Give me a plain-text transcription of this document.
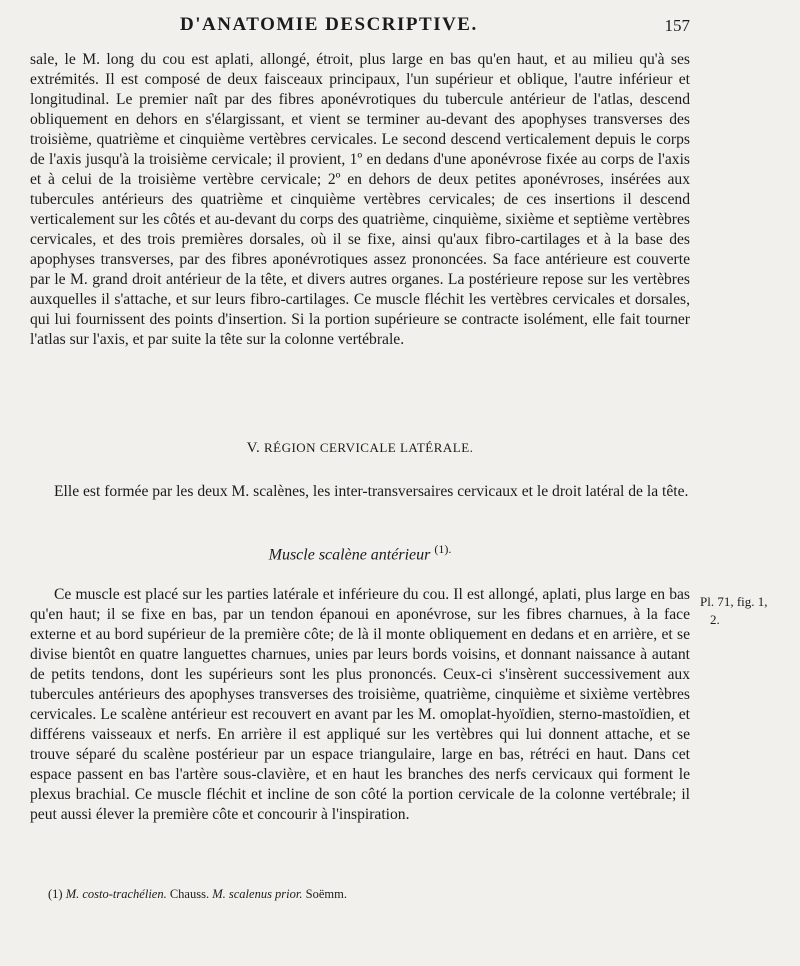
D'ANATOMIE DESCRIPTIVE.	157

sale, le M. long du cou est aplati, allongé, étroit, plus large en bas qu'en haut, et au milieu qu'à ses extrémités. Il est composé de deux faisceaux principaux, l'un supérieur et oblique, l'autre inférieur et longitudinal. Le premier naît par des fibres aponévrotiques du tubercule antérieur de l'atlas, descend obliquement en dehors en s'élargissant, et vient se terminer au-devant des apophyses transverses des troisième, quatrième et cinquième vertèbres cervicales. Le second descend verticalement depuis le corps de l'axis jusqu'à la troisième cervicale; il provient, 1º en dedans d'une aponévrose fixée au corps de l'axis et à celui de la troisième vertèbre cervicale; 2º en dehors de deux petites aponévroses, insérées aux tubercules antérieurs des quatrième et cinquième vertèbres cervicales; de ces insertions il descend verticalement sur les côtés et au-devant du corps des quatrième, cinquième, sixième et septième vertèbres cervicales, et des trois premières dorsales, où il se fixe, ainsi qu'aux fibro-cartilages et à la base des apophyses transverses, par des fibres aponévrotiques assez prononcées. Sa face antérieure est couverte par le M. grand droit antérieur de la tête, et divers autres organes. La postérieure repose sur les vertèbres auxquelles il s'attache, et sur leurs fibro-cartilages. Ce muscle fléchit les vertèbres cervicales et dorsales, qui lui fournissent des points d'insertion. Si la portion supérieure se contracte isolément, elle fait tourner l'atlas sur l'axis, et par suite la tête sur la colonne vertébrale.

V. RÉGION CERVICALE LATÉRALE.

Elle est formée par les deux M. scalènes, les inter-transversaires cervicaux et le droit latéral de la tête.

Muscle scalène antérieur $^{(1).}$

Ce muscle est placé sur les parties latérale et inférieure du cou. Il est allongé, aplati, plus large en bas qu'en haut; il se fixe en bas, par un tendon épanoui en aponévrose, sur les fibres charnues, à la face externe et au bord supérieur de la première côte; de là il monte obliquement en dedans et en arrière, et se divise bientôt en quatre languettes charnues, unies par leurs bords voisins, et donnant naissance à autant de petits tendons, dont les supérieurs sont les plus prononcés. Ceux-ci s'insèrent successivement aux tubercules antérieurs des apophyses transverses des troisième, quatrième, cinquième et sixième vertèbres cervicales. Le scalène antérieur est recouvert en avant par les M. omoplat-hyoïdien, sterno-mastoïdien, et différens vaisseaux et nerfs. En arrière il est appliqué sur les vertèbres qui lui donnent attache, et se trouve séparé du scalène postérieur par un espace triangulaire, large en bas, rétréci en haut. Dans cet espace passent en bas l'artère sous-clavière, et en haut les branches des nerfs cervicaux qui forment le plexus brachial. Ce muscle fléchit et incline de son côté la portion cervicale de la colonne vertébrale; il peut aussi élever la première côte et concourir à l'inspiration.

Pl. 71, fig. 1,
2.
(1) M. costo-trachélien. Chauss. M. scalenus prior. Soëmm.
